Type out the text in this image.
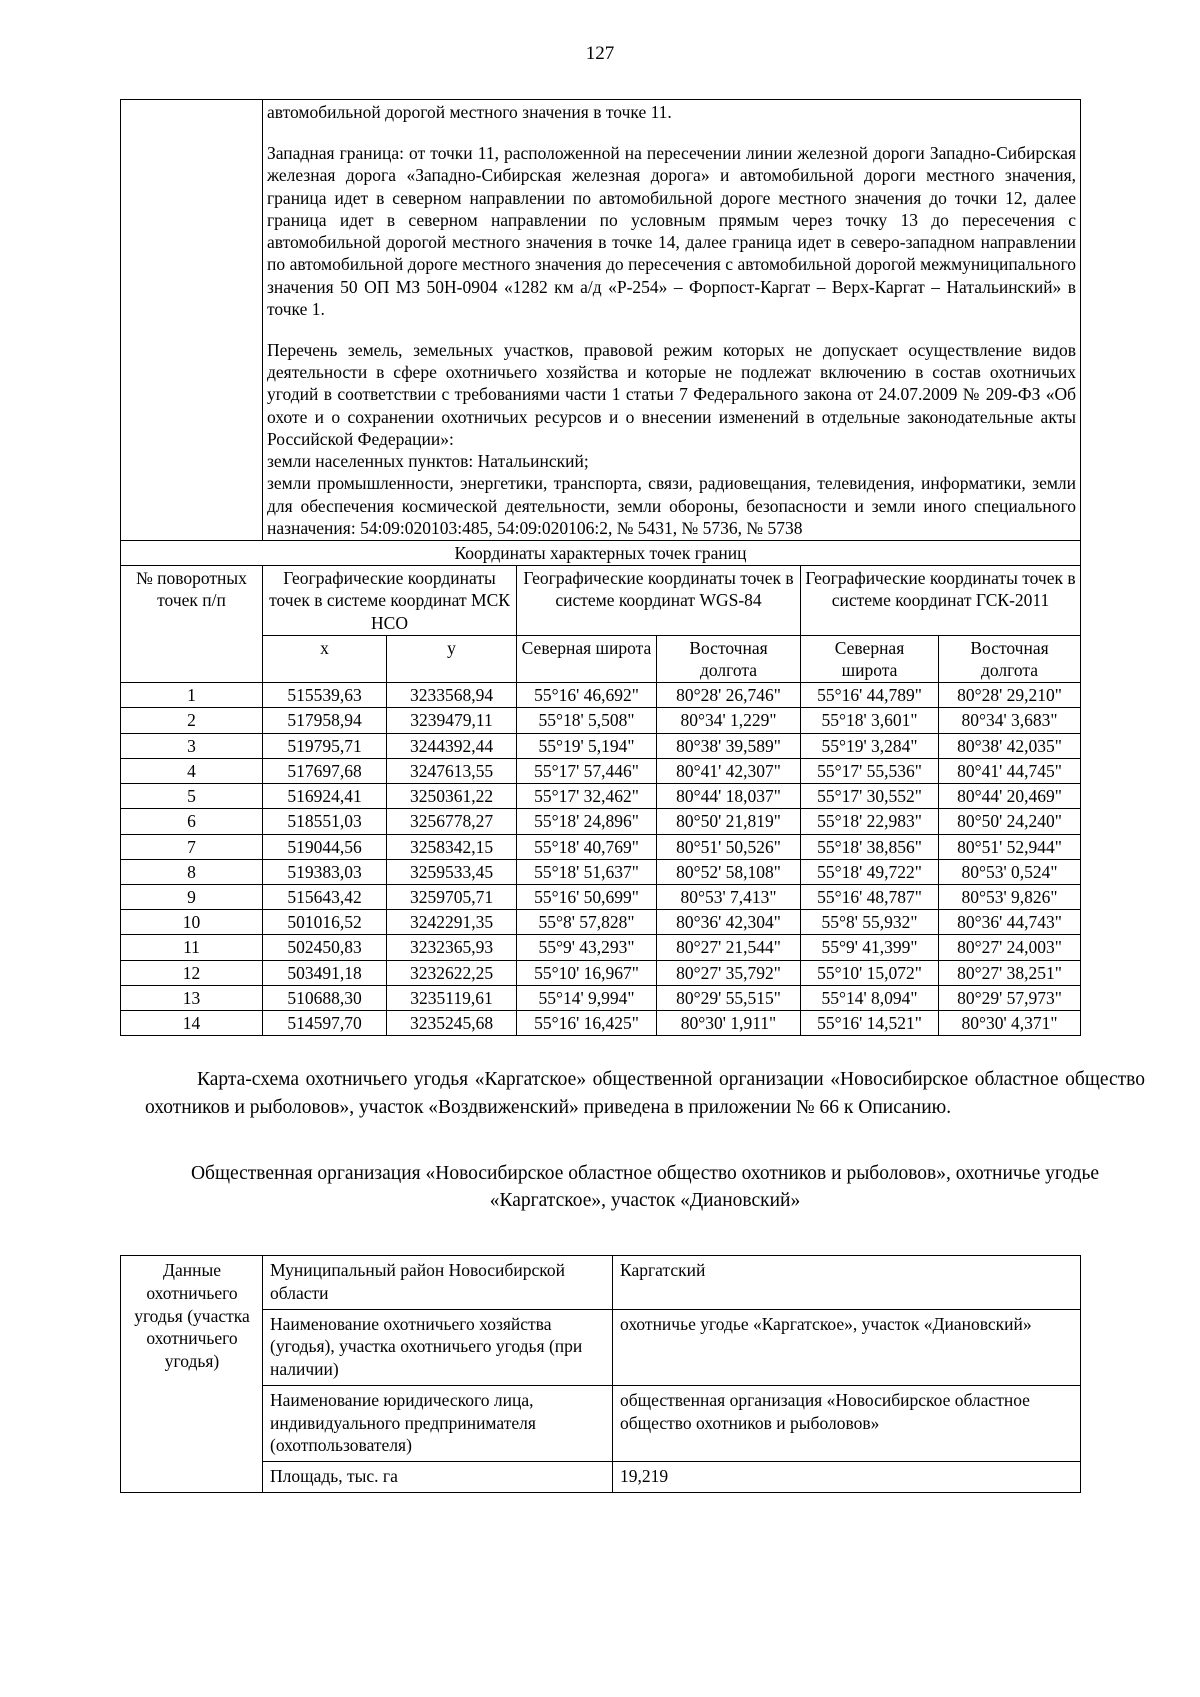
127

	автомобильной дорогой местного значения в точке 11.

Западная граница: от точки 11, расположенной на пересечении линии железной дороги Западно-Сибирская железная дорога «Западно-Сибирская железная дорога» и автомобильной дороги местного значения, граница идет в северном направлении по автомобильной дороге местного значения до точки 12, далее граница идет в северном направлении по условным прямым через точку 13 до пересечения с автомобильной дорогой местного значения в точке 14, далее граница идет в северо-западном направлении по автомобильной дороге местного значения до пересечения с автомобильной дорогой межмуниципального значения 50 ОП МЗ 50Н-0904 «1282 км а/д «Р-254» – Форпост-Каргат – Верх-Каргат – Натальинский» в точке 1.

Перечень земель, земельных участков, правовой режим которых не допускает осуществление видов деятельности в сфере охотничьего хозяйства и которые не подлежат включению в состав охотничьих угодий в соответствии с требованиями части 1 статьи 7 Федерального закона от 24.07.2009 № 209-ФЗ «Об охоте и о сохранении охотничьих ресурсов и о внесении изменений в отдельные законодательные акты Российской Федерации»:

земли населенных пунктов: Натальинский;

земли промышленности, энергетики, транспорта, связи, радиовещания, телевидения, информатики, земли для обеспечения космической деятельности, земли обороны, безопасности и земли иного специального назначения: 54:09:020103:485, 54:09:020106:2, № 5431, № 5736, № 5738					

Координаты характерных точек границ						
№ поворотных точек п/п	Географические координаты точек в системе координат МСК НСО		Географические координаты точек в системе координат WGS-84		Географические координаты точек в системе координат ГСК-2011	
	x	y	Северная широта	Восточная долгота	Северная широта	Восточная долгота
1	515539,63	3233568,94	55°16' 46,692"	80°28' 26,746"	55°16' 44,789"	80°28' 29,210"
2	517958,94	3239479,11	55°18' 5,508"	80°34' 1,229"	55°18' 3,601"	80°34' 3,683"
3	519795,71	3244392,44	55°19' 5,194"	80°38' 39,589"	55°19' 3,284"	80°38' 42,035"
4	517697,68	3247613,55	55°17' 57,446"	80°41' 42,307"	55°17' 55,536"	80°41' 44,745"
5	516924,41	3250361,22	55°17' 32,462"	80°44' 18,037"	55°17' 30,552"	80°44' 20,469"
6	518551,03	3256778,27	55°18' 24,896"	80°50' 21,819"	55°18' 22,983"	80°50' 24,240"
7	519044,56	3258342,15	55°18' 40,769"	80°51' 50,526"	55°18' 38,856"	80°51' 52,944"
8	519383,03	3259533,45	55°18' 51,637"	80°52' 58,108"	55°18' 49,722"	80°53' 0,524"
9	515643,42	3259705,71	55°16' 50,699"	80°53' 7,413"	55°16' 48,787"	80°53' 9,826"
10	501016,52	3242291,35	55°8' 57,828"	80°36' 42,304"	55°8' 55,932"	80°36' 44,743"
11	502450,83	3232365,93	55°9' 43,293"	80°27' 21,544"	55°9' 41,399"	80°27' 24,003"
12	503491,18	3232622,25	55°10' 16,967"	80°27' 35,792"	55°10' 15,072"	80°27' 38,251"
13	510688,30	3235119,61	55°14' 9,994"	80°29' 55,515"	55°14' 8,094"	80°29' 57,973"
14	514597,70	3235245,68	55°16' 16,425"	80°30' 1,911"	55°16' 14,521"	80°30' 4,371"

Карта-схема охотничьего угодья «Каргатское» общественной организации «Новосибирское областное общество охотников и рыболовов», участок «Воздвиженский» приведена в приложении № 66 к Описанию.

Общественная организация «Новосибирское областное общество охотников и рыболовов», охотничье угодье «Каргатское», участок «Диановский»

Данные охотничьего угодья (участка охотничьего угодья)	Муниципальный район Новосибирской области	Каргатский
	Наименование охотничьего хозяйства (угодья), участка охотничьего угодья (при наличии)	охотничье угодье «Каргатское», участок «Диановский»
	Наименование юридического лица, индивидуального предпринимателя (охотпользователя)	общественная организация «Новосибирское областное общество охотников и рыболовов»
	Площадь, тыс. га	19,219
